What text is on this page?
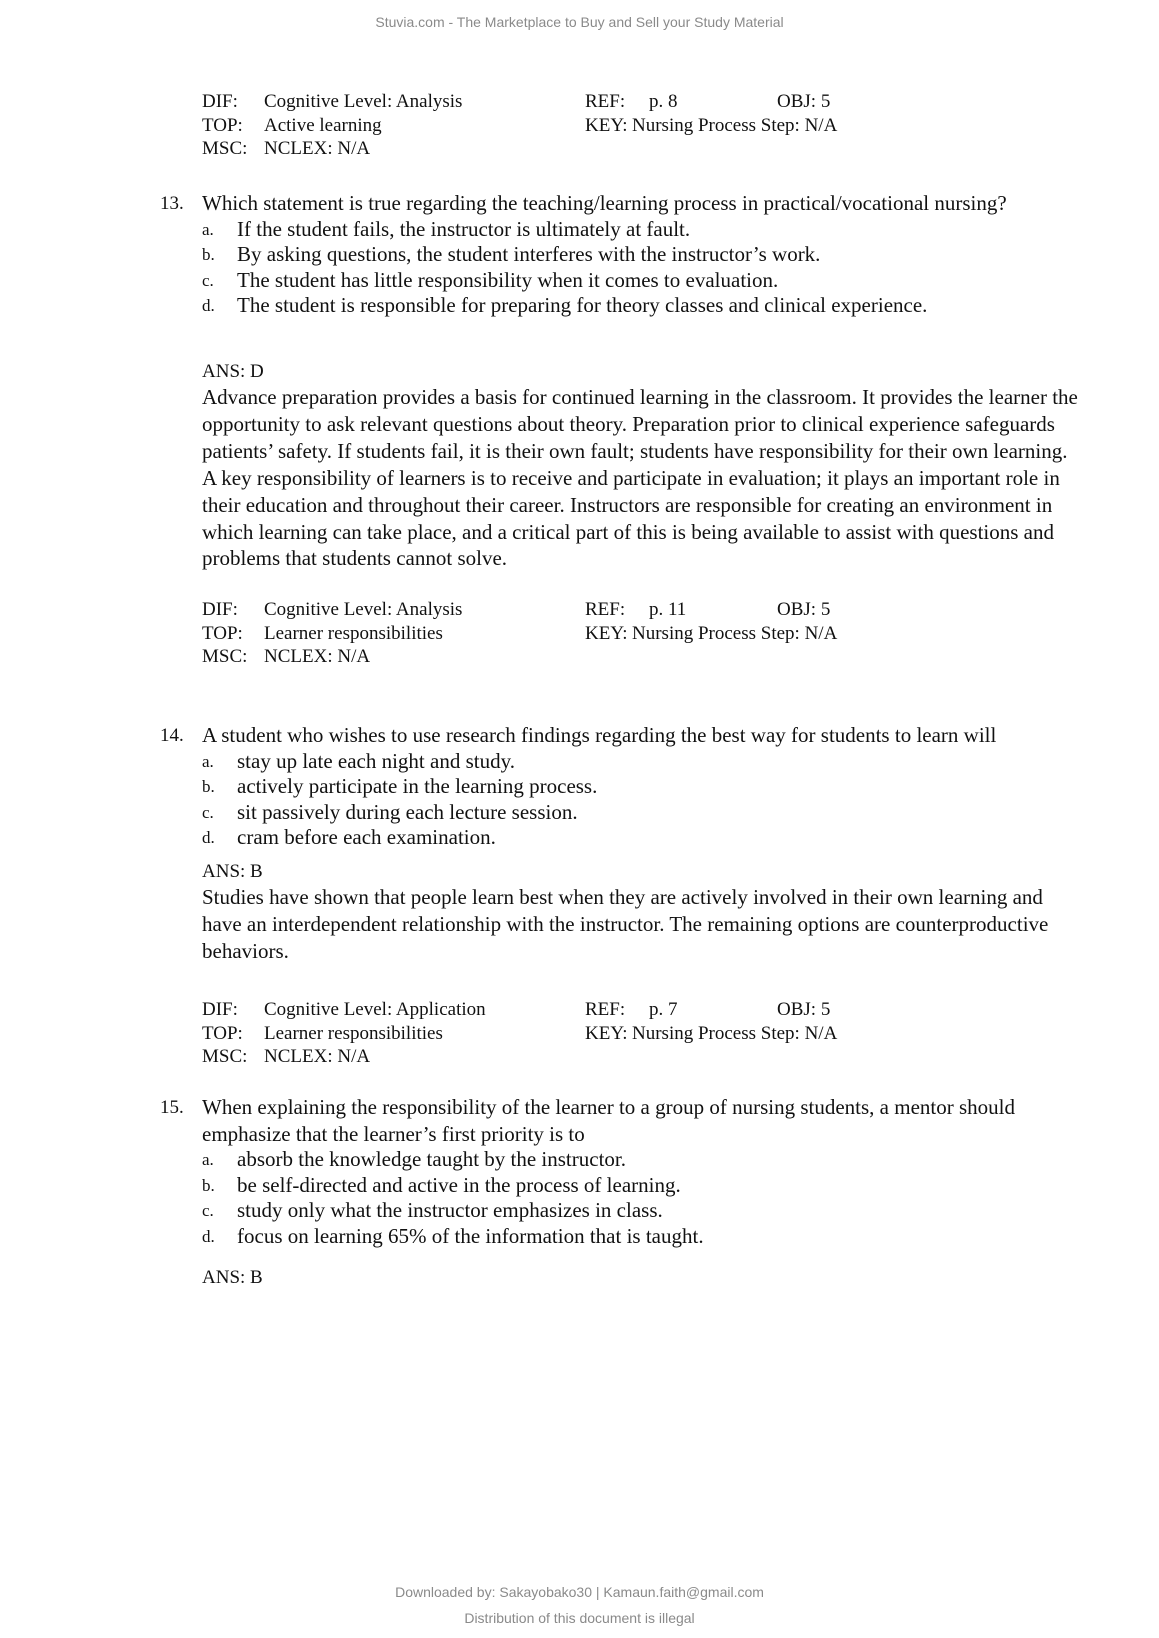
Stuvia.com - The Marketplace to Buy and Sell your Study Material
DIF: Cognitive Level: Analysis	REF: p. 8	OBJ: 5
TOP: Active learning	KEY: Nursing Process Step: N/A
MSC: NCLEX: N/A
13. Which statement is true regarding the teaching/learning process in practical/vocational nursing?
a. If the student fails, the instructor is ultimately at fault.
b. By asking questions, the student interferes with the instructor’s work.
c. The student has little responsibility when it comes to evaluation.
d. The student is responsible for preparing for theory classes and clinical experience.
ANS: D
Advance preparation provides a basis for continued learning in the classroom. It provides the learner the opportunity to ask relevant questions about theory. Preparation prior to clinical experience safeguards patients’ safety. If students fail, it is their own fault; students have responsibility for their own learning. A key responsibility of learners is to receive and participate in evaluation; it plays an important role in their education and throughout their career. Instructors are responsible for creating an environment in which learning can take place, and a critical part of this is being available to assist with questions and problems that students cannot solve.
DIF: Cognitive Level: Analysis	REF: p. 11	OBJ: 5
TOP: Learner responsibilities	KEY: Nursing Process Step: N/A
MSC: NCLEX: N/A
14. A student who wishes to use research findings regarding the best way for students to learn will
a. stay up late each night and study.
b. actively participate in the learning process.
c. sit passively during each lecture session.
d. cram before each examination.
ANS: B
Studies have shown that people learn best when they are actively involved in their own learning and have an interdependent relationship with the instructor. The remaining options are counterproductive behaviors.
DIF: Cognitive Level: Application	REF: p. 7	OBJ: 5
TOP: Learner responsibilities	KEY: Nursing Process Step: N/A
MSC: NCLEX: N/A
15. When explaining the responsibility of the learner to a group of nursing students, a mentor should emphasize that the learner’s first priority is to
a. absorb the knowledge taught by the instructor.
b. be self-directed and active in the process of learning.
c. study only what the instructor emphasizes in class.
d. focus on learning 65% of the information that is taught.
ANS: B
Downloaded by: Sakayobako30 | Kamaun.faith@gmail.com
Distribution of this document is illegal
